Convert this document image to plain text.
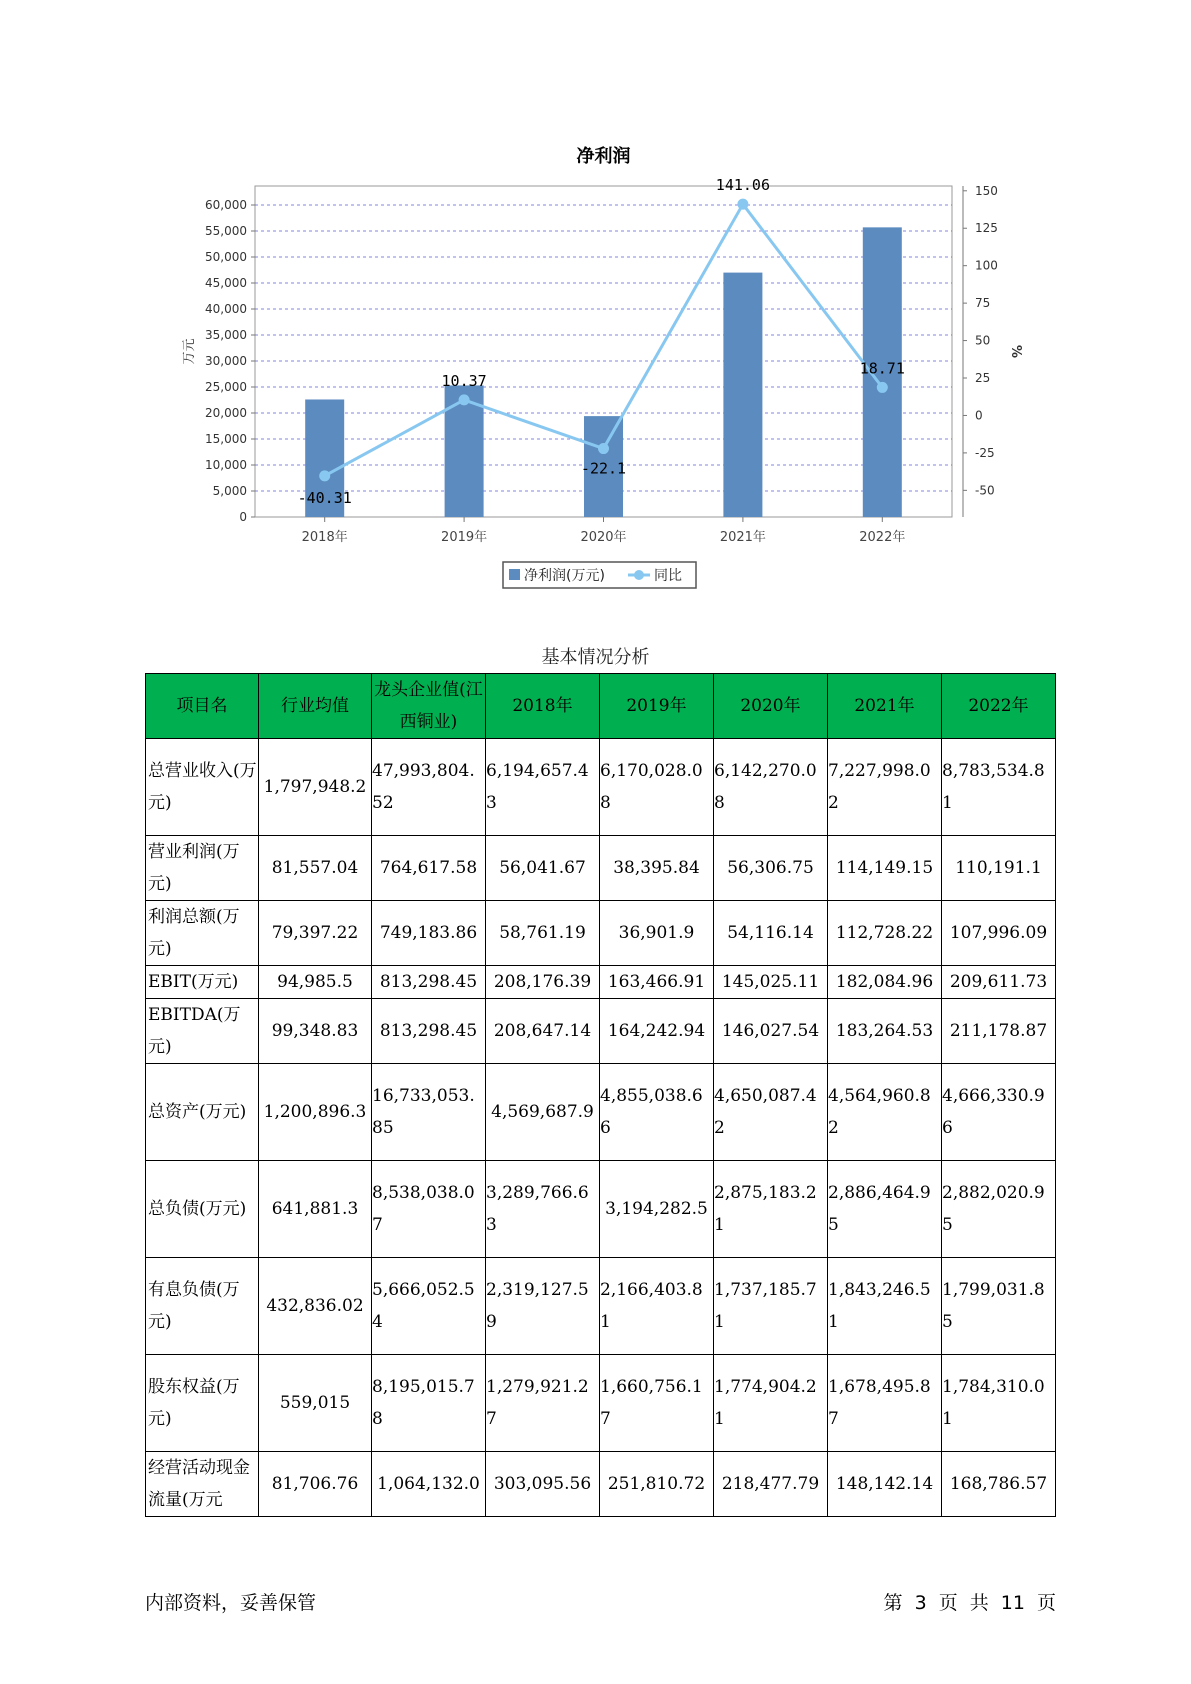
净利润
0
5,000
10,000
15,000
20,000
25,000
30,000
35,000
40,000
45,000
50,000
55,000
60,000
-50
-25
0
25
50
75
100
125
150
万元	%
2018年	2019年	2020年	2021年	2022年
-40.31
10.37
-22.1
141.06
18.71
净利润(万元)	同比
基本情况分析
项目名	行业均值	龙头企业值(江西铜业)	2018年	2019年	2020年	2021年	2022年
总营业收入(万元)	1,797,948.2	47,993,804.52	6,194,657.43	6,170,028.08	6,142,270.08	7,227,998.02	8,783,534.81
营业利润(万元)	81,557.04	764,617.58	56,041.67	38,395.84	56,306.75	114,149.15	110,191.1
利润总额(万元)	79,397.22	749,183.86	58,761.19	36,901.9	54,116.14	112,728.22	107,996.09
EBIT(万元)	94,985.5	813,298.45	208,176.39	163,466.91	145,025.11	182,084.96	209,611.73
EBITDA(万元)	99,348.83	813,298.45	208,647.14	164,242.94	146,027.54	183,264.53	211,178.87
总资产(万元)	1,200,896.3	16,733,053.85	4,569,687.9	4,855,038.66	4,650,087.42	4,564,960.82	4,666,330.96
总负债(万元)	641,881.3	8,538,038.07	3,289,766.63	3,194,282.5	2,875,183.21	2,886,464.95	2,882,020.95
有息负债(万元)	432,836.02	5,666,052.54	2,319,127.59	2,166,403.81	1,737,185.71	1,843,246.51	1,799,031.85
股东权益(万元)	559,015	8,195,015.78	1,279,921.27	1,660,756.17	1,774,904.21	1,678,495.87	1,784,310.01
经营活动现金流量(万元	81,706.76	1,064,132.0	303,095.56	251,810.72	218,477.79	148,142.14	168,786.57
内部资料，妥善保管	第 3 页 共 11 页
